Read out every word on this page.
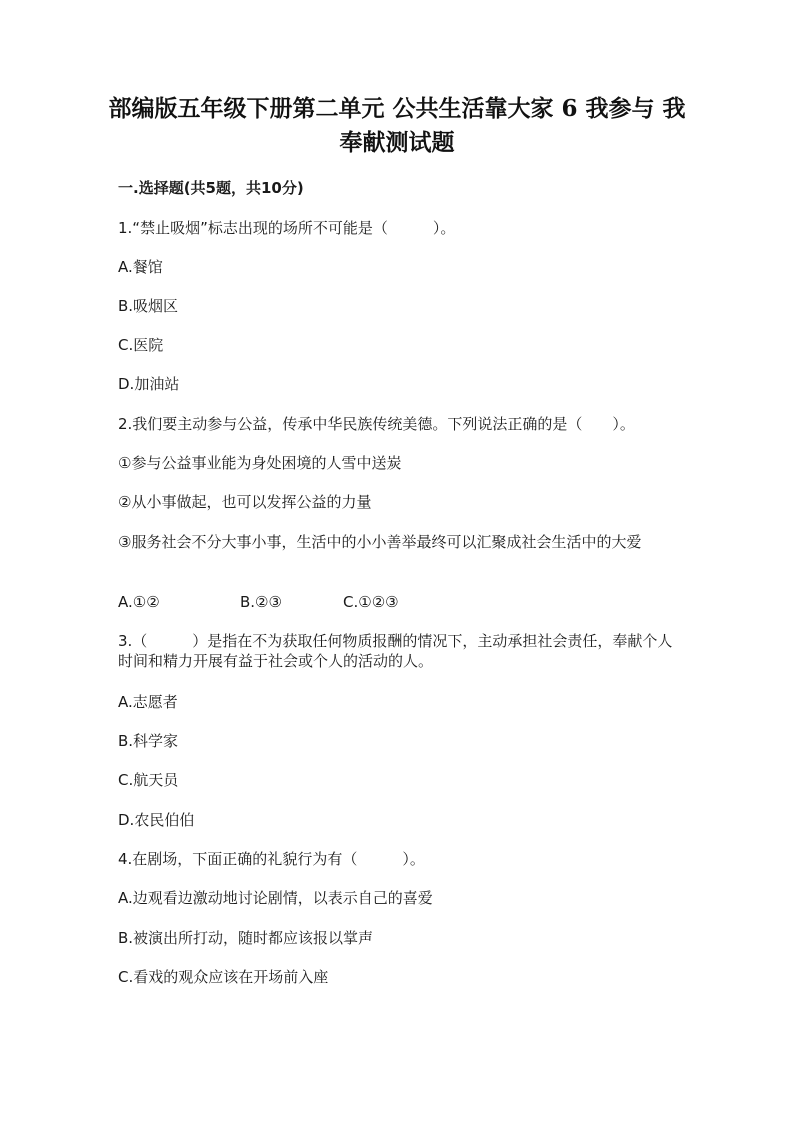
部编版五年级下册第二单元 公共生活靠大家 6 我参与 我奉献测试题
一.选择题(共5题，共10分)
1.“禁止吸烟”标志出现的场所不可能是（　　　）。
A.餐馆
B.吸烟区
C.医院
D.加油站
2.我们要主动参与公益，传承中华民族传统美德。下列说法正确的是（　　）。
①参与公益事业能为身处困境的人雪中送炭
②从小事做起，也可以发挥公益的力量
③服务社会不分大事小事，生活中的小小善举最终可以汇聚成社会生活中的大爱
A.①②	B.②③	C.①②③
3.（　　　）是指在不为获取任何物质报酬的情况下，主动承担社会责任，奉献个人时间和精力开展有益于社会或个人的活动的人。
A.志愿者
B.科学家
C.航天员
D.农民伯伯
4.在剧场，下面正确的礼貌行为有（　　　）。
A.边观看边激动地讨论剧情，以表示自己的喜爱
B.被演出所打动，随时都应该报以掌声
C.看戏的观众应该在开场前入座
